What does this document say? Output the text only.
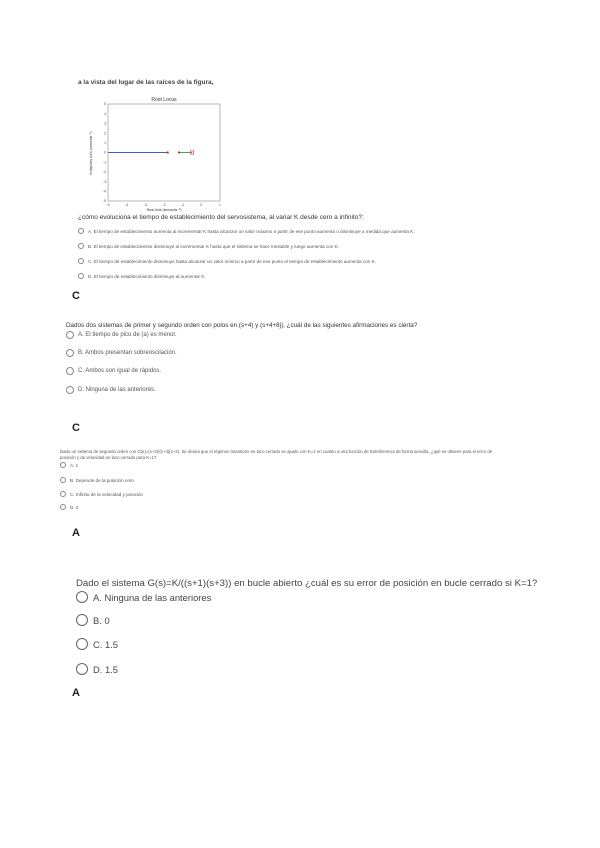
a la vista del lugar de las raíces de la figura,
Root Locus
Imaginary Axis (seconds⁻¹)
Real Axis (seconds⁻¹)
5
4
3
2
1
0
-1
-2
-3
-4
-5
-5	-4	-3	-2	-1	0	1
¿cómo evoluciona el tiempo de establecimiento del servosistema, al variar K desde cero a infinito?:
A. El tiempo de establecimiento aumenta al incrementar K hasta alcanzar un valor máximo a partir de ese punto aumenta o disminuye a medida que aumenta K.
B. El tiempo de establecimiento disminuye al incrementar K hasta que el sistema se hace inestable y luego aumenta con K.
C. El tiempo de establecimiento disminuye hasta alcanzar un valor mínimo a partir de ese punto el tiempo de establecimiento aumenta con K.
D. El tiempo de establecimiento disminuye al aumentar K.
C
Dados dos sistemas de primer y segundo orden con polos en (s+4) y (s+4+8j), ¿cuál de las siguientes afirmaciones es cierta?
A. El tiempo de pico de (a) es menor.
B. Ambos presentan sobreoscilación.
C. Ambos son igual de rápidos.
D. Ninguna de las anteriores.
C
Dado un sistema de segundo orden con G(s)=(s+3)/(s+4)(s+2). Se desea que el régimen transitorio en lazo cerrado se ajuste con K=2 en cuanto a una función de transferencia de forma sencilla, ¿qué se obtiene para el error de posición y de velocidad en lazo cerrado para K=1?
A. 1
B. Depende de la posición cero
C. Infinito de la velocidad y posición
D. 0
A
Dado el sistema G(s)=K/((s+1)(s+3)) en bucle abierto ¿cuál es su error de posición en bucle cerrado si K=1?
A. Ninguna de las anteriores
B. 0
C. 1.5
D. 1.5
A
